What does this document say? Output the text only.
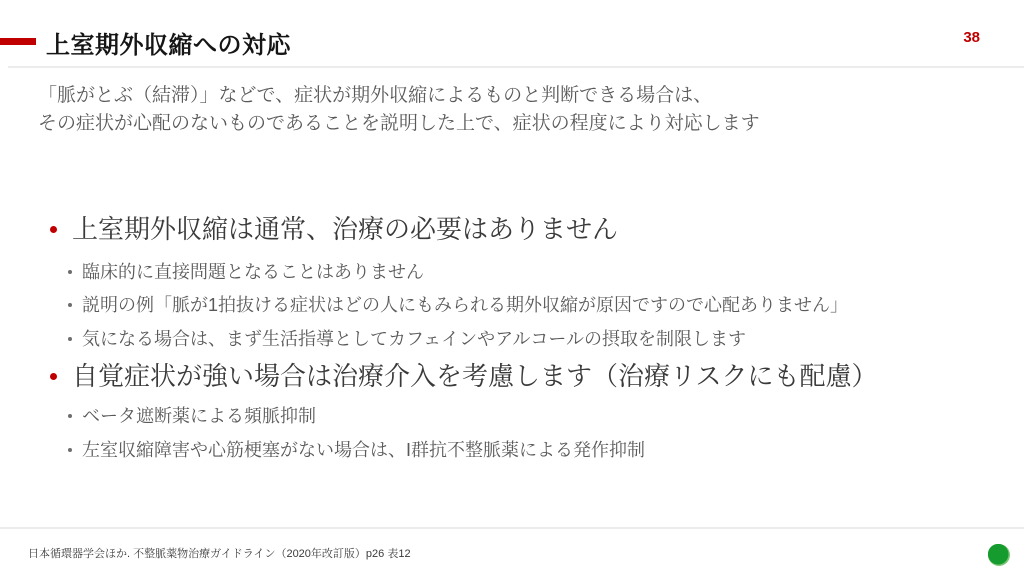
上室期外収縮への対応	38

「脈がとぶ（結滞）」などで、症状が期外収縮によるものと判断できる場合は、
その症状が心配のないものであることを説明した上で、症状の程度により対応します

上室期外収縮は通常、治療の必要はありません
臨床的に直接問題となることはありません
説明の例「脈が1拍抜ける症状はどの人にもみられる期外収縮が原因ですので心配ありません」
気になる場合は、まず生活指導としてカフェインやアルコールの摂取を制限します
自覚症状が強い場合は治療介入を考慮します（治療リスクにも配慮）
ベータ遮断薬による頻脈抑制
左室収縮障害や心筋梗塞がない場合は、I群抗不整脈薬による発作抑制
日本循環器学会ほか. 不整脈薬物治療ガイドライン（2020年改訂版）p26 表12
